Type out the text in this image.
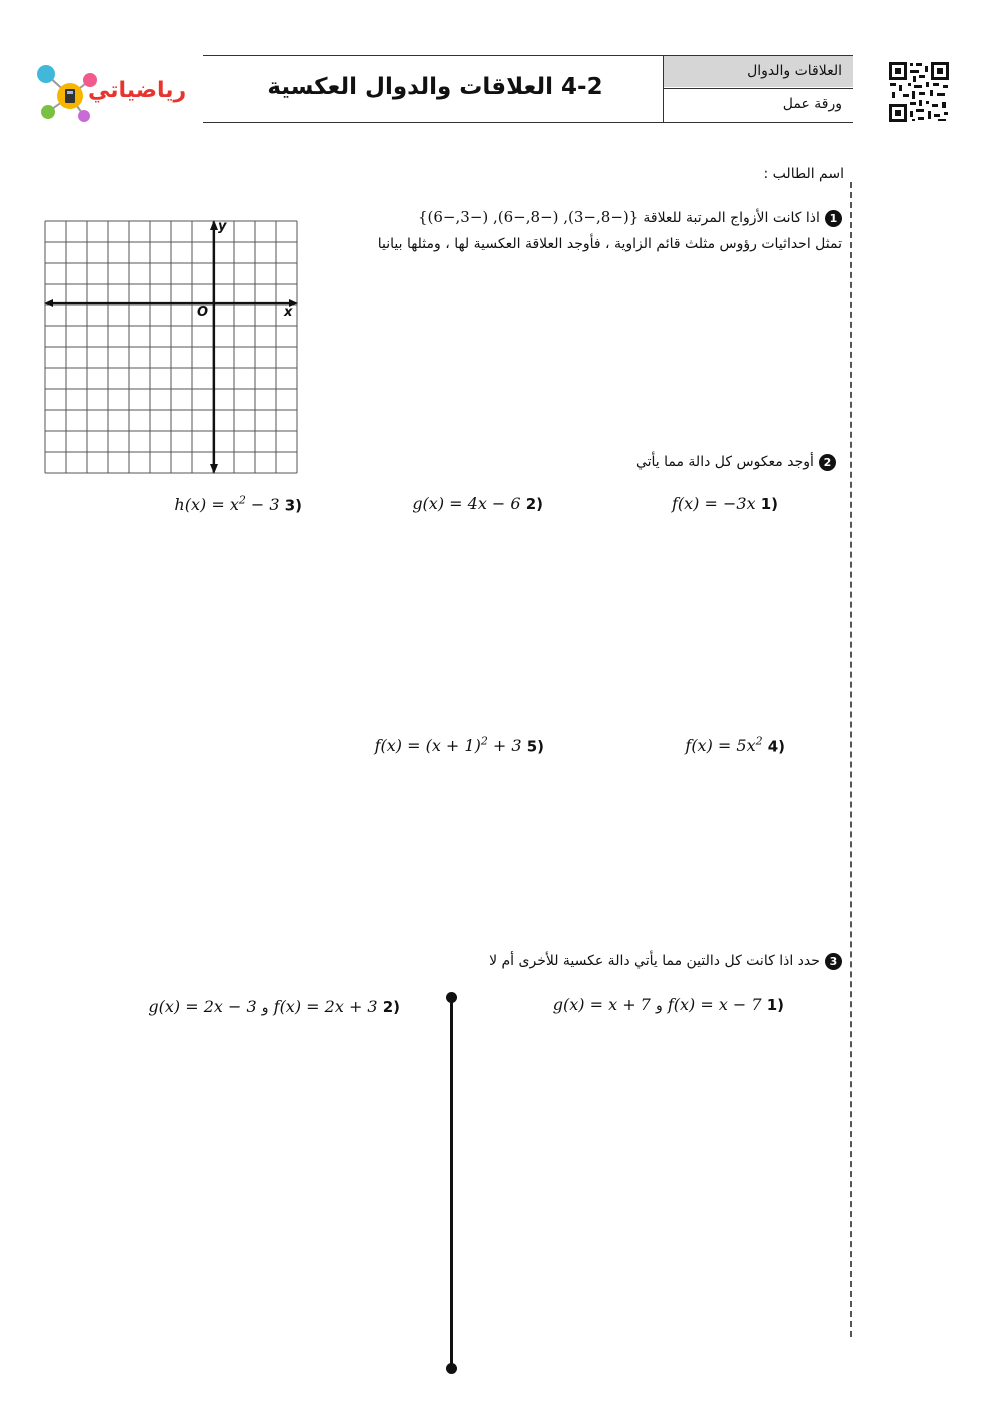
العلاقات والدوال
ورقة عمل
4-2 العلاقات والدوال العكسية
رياضياتي
اسم الطالب :
1 اذا كانت الأزواج المرتبة للعلاقة {(−8,−3), (−8,−6), (−3,−6)}
تمثل احداثيات رؤوس مثلث قائم الزاوية ، فأوجد العلاقة العكسية لها ، ومثلها بيانيا
y
x
O
2 أوجد معكوس كل دالة مما يأتي
(1 f(x) = −3x
(2 g(x) = 4x − 6
(3 $h(x) = x^2 - 3$
(4 $f(x) = 5x^2$
(5 $f(x) = (x + 1)^2 + 3$
3 حدد اذا كانت كل دالتين مما يأتي دالة عكسية للأخرى أم لا
(1 f(x) = x − 7 و g(x) = x + 7
(2 f(x) = 2x + 3 و g(x) = 2x − 3
